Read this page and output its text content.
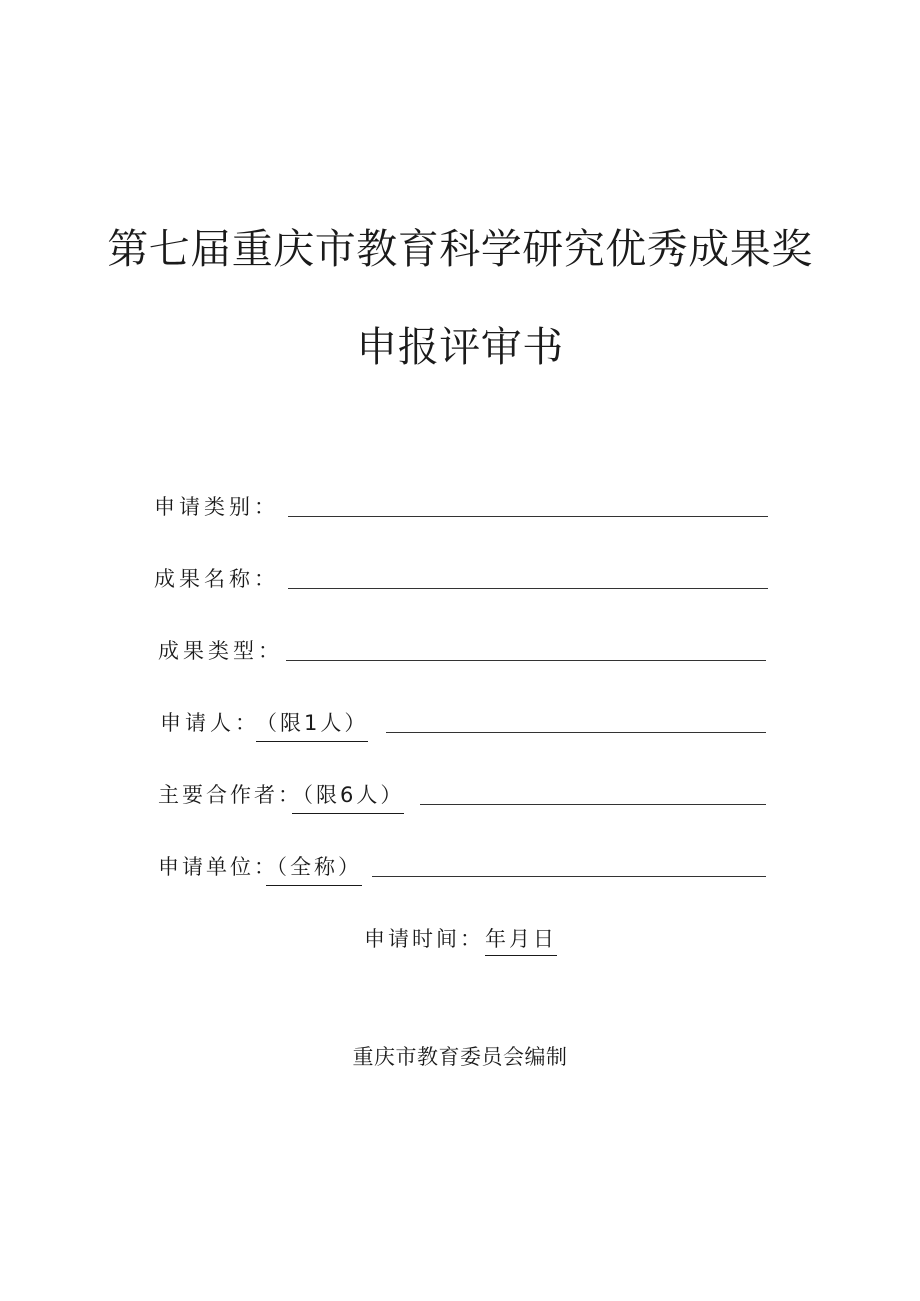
第七届重庆市教育科学研究优秀成果奖
申报评审书
申请类别：
成果名称：
成果类型：
申请人：
（限1人）
主要合作者：
（限6人）
申请单位：
（全称）
申请时间： 年月日
重庆市教育委员会编制
